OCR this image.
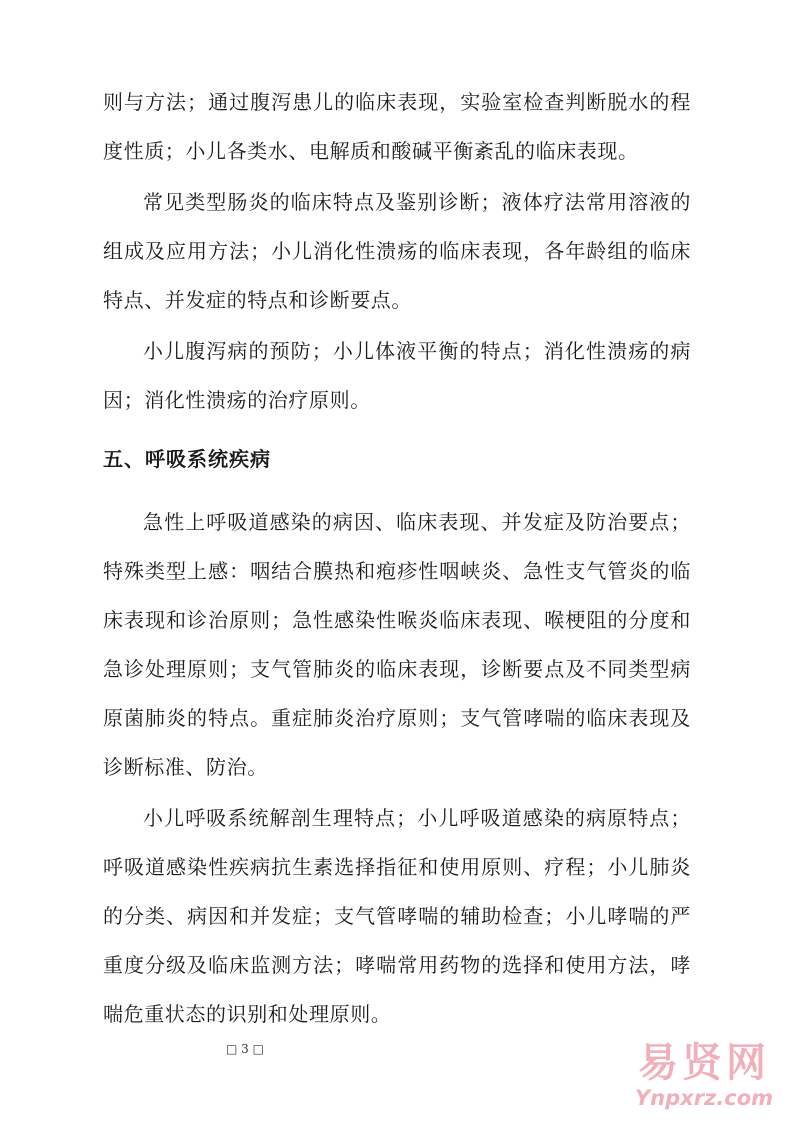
则与方法；通过腹泻患儿的临床表现，实验室检查判断脱水的程度性质；小儿各类水、电解质和酸碱平衡紊乱的临床表现。

常见类型肠炎的临床特点及鉴别诊断；液体疗法常用溶液的组成及应用方法；小儿消化性溃疡的临床表现，各年龄组的临床特点、并发症的特点和诊断要点。

小儿腹泻病的预防；小儿体液平衡的特点；消化性溃疡的病因；消化性溃疡的治疗原则。

五、呼吸系统疾病

急性上呼吸道感染的病因、临床表现、并发症及防治要点；特殊类型上感：咽结合膜热和疱疹性咽峡炎、急性支气管炎的临床表现和诊治原则；急性感染性喉炎临床表现、喉梗阻的分度和急诊处理原则；支气管肺炎的临床表现，诊断要点及不同类型病原菌肺炎的特点。重症肺炎治疗原则；支气管哮喘的临床表现及诊断标准、防治。

小儿呼吸系统解剖生理特点；小儿呼吸道感染的病原特点；呼吸道感染性疾病抗生素选择指征和使用原则、疗程；小儿肺炎的分类、病因和并发症；支气管哮喘的辅助检查；小儿哮喘的严重度分级及临床监测方法；哮喘常用药物的选择和使用方法，哮喘危重状态的识别和处理原则。

□ 3 □	易贤网
Ynpxrz.com
